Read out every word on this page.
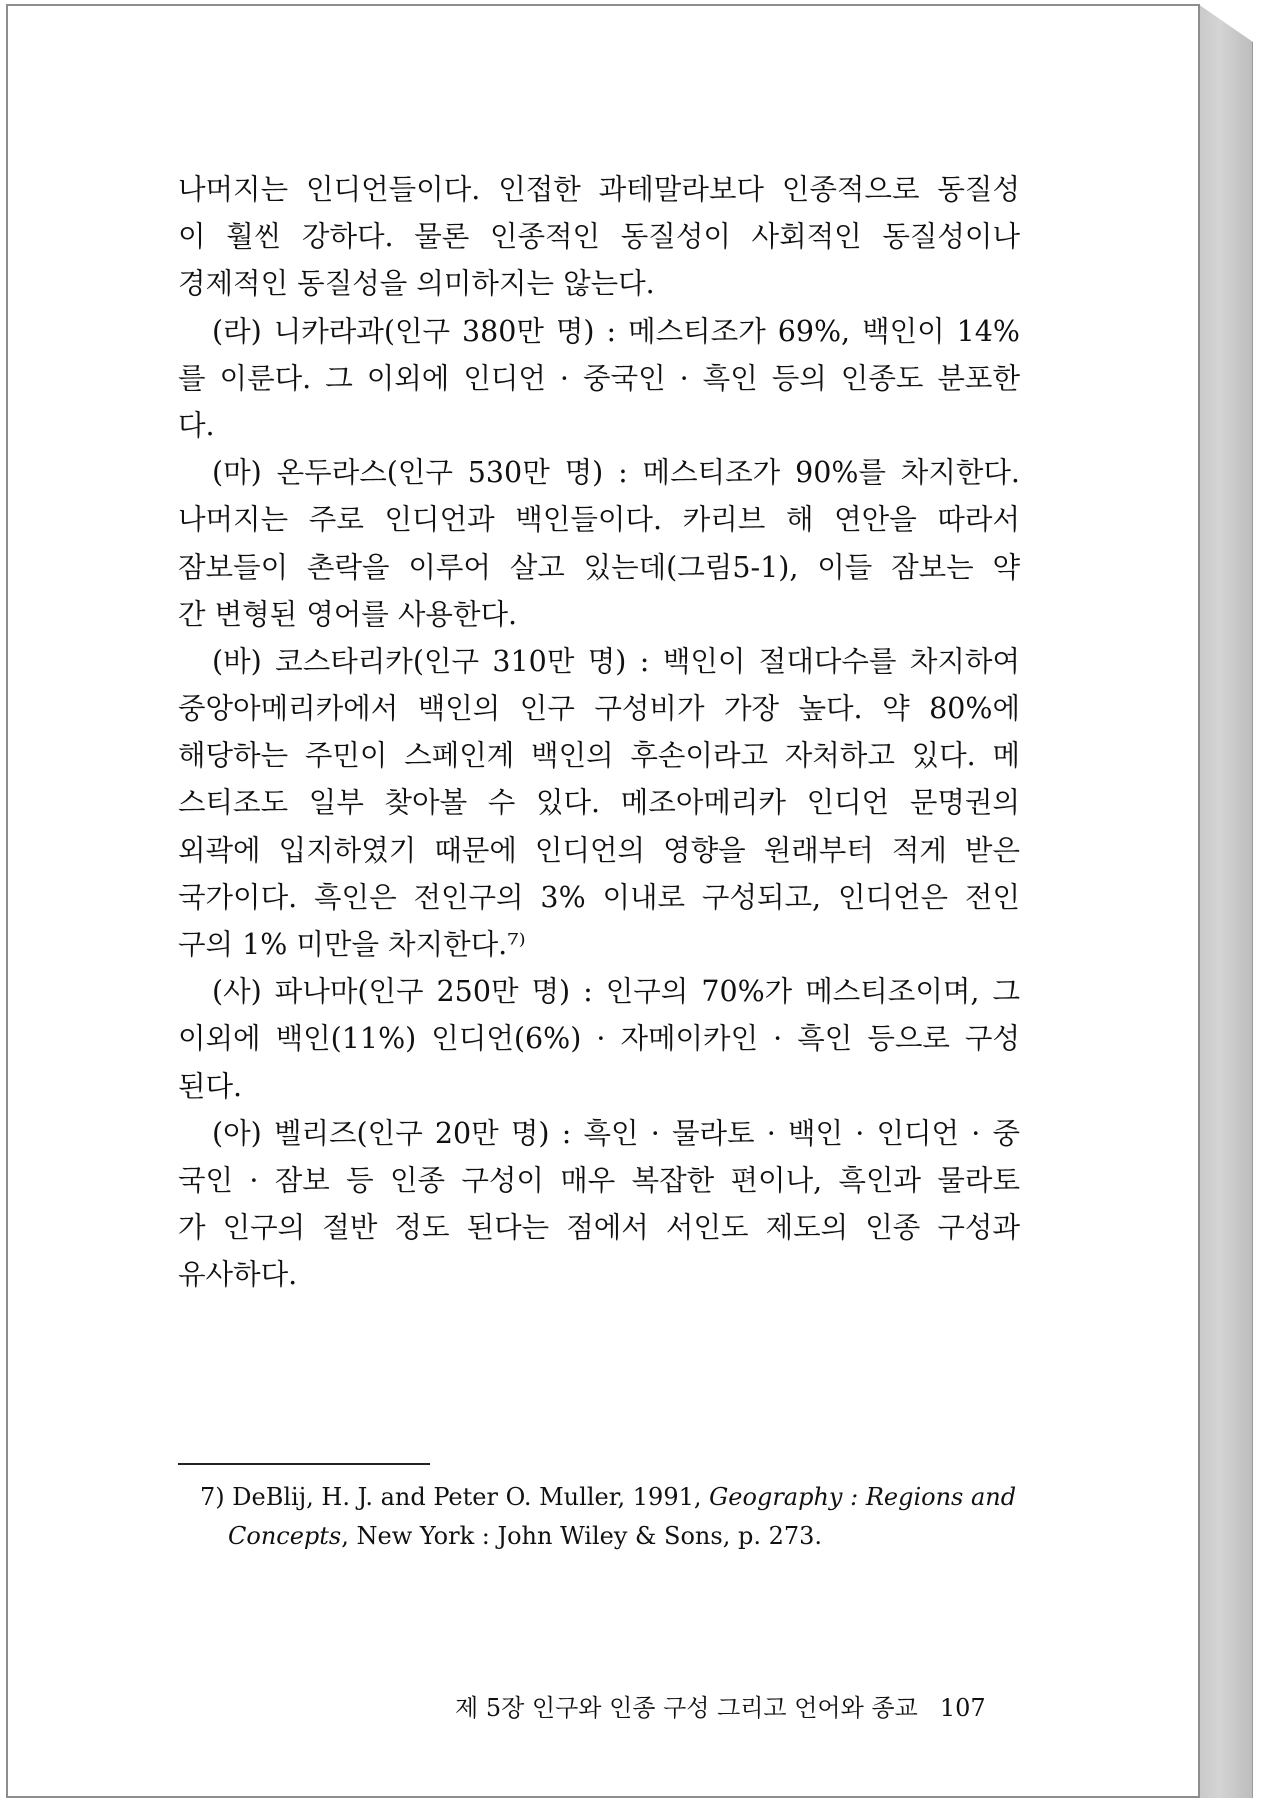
나머지는 인디언들이다. 인접한 과테말라보다 인종적으로 동질성
이 훨씬 강하다. 물론 인종적인 동질성이 사회적인 동질성이나
경제적인 동질성을 의미하지는 않는다.
(라) 니카라과(인구 380만 명) : 메스티조가 69%, 백인이 14%
를 이룬다. 그 이외에 인디언 · 중국인 · 흑인 등의 인종도 분포한
다.
(마) 온두라스(인구 530만 명) : 메스티조가 90%를 차지한다.
나머지는 주로 인디언과 백인들이다. 카리브 해 연안을 따라서
잠보들이 촌락을 이루어 살고 있는데(그림5-1), 이들 잠보는 약
간 변형된 영어를 사용한다.
(바) 코스타리카(인구 310만 명) : 백인이 절대다수를 차지하여
중앙아메리카에서 백인의 인구 구성비가 가장 높다. 약 80%에
해당하는 주민이 스페인계 백인의 후손이라고 자처하고 있다. 메
스티조도 일부 찾아볼 수 있다. 메조아메리카 인디언 문명권의
외곽에 입지하였기 때문에 인디언의 영향을 원래부터 적게 받은
국가이다. 흑인은 전인구의 3% 이내로 구성되고, 인디언은 전인
구의 1% 미만을 차지한다.⁷⁾
(사) 파나마(인구 250만 명) : 인구의 70%가 메스티조이며, 그
이외에 백인(11%) 인디언(6%) · 자메이카인 · 흑인 등으로 구성
된다.
(아) 벨리즈(인구 20만 명) : 흑인 · 물라토 · 백인 · 인디언 · 중
국인 · 잠보 등 인종 구성이 매우 복잡한 편이나, 흑인과 물라토
가 인구의 절반 정도 된다는 점에서 서인도 제도의 인종 구성과
유사하다.
7) DeBlij, H. J. and Peter O. Muller, 1991, Geography : Regions and
Concepts, New York : John Wiley & Sons, p. 273.
제 5장 인구와 인종 구성 그리고 언어와 종교 107
